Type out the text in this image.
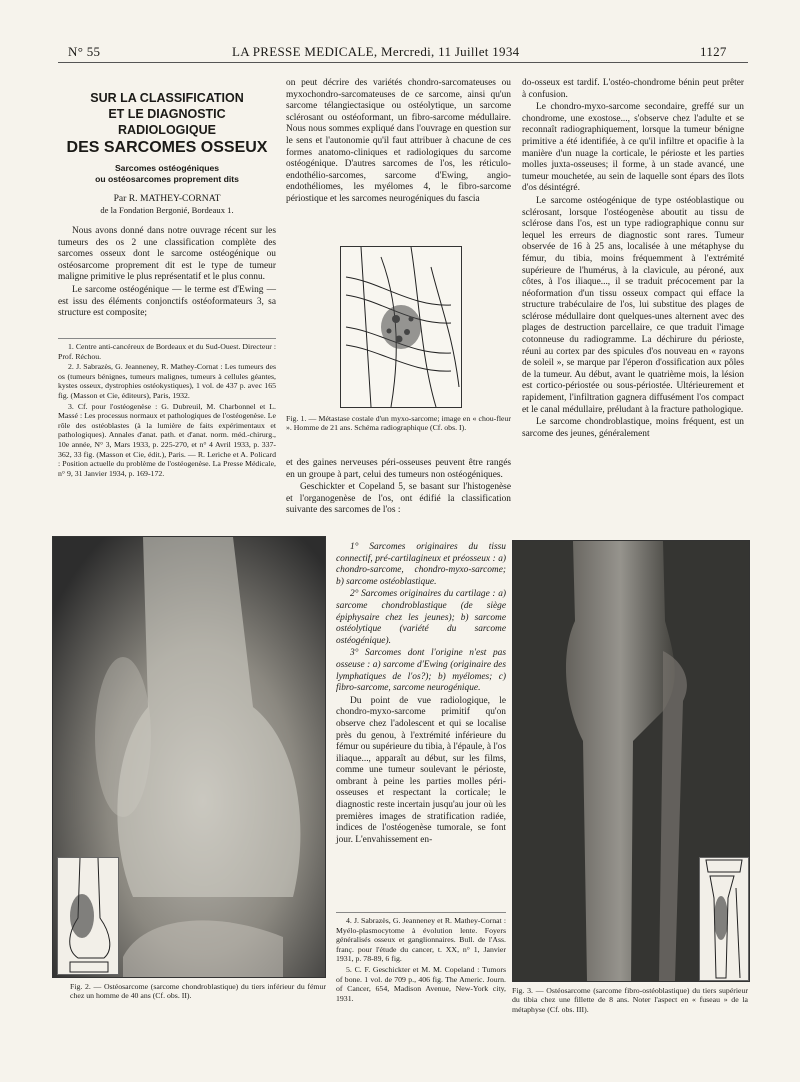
N° 55	LA PRESSE MEDICALE, Mercredi, 11 Juillet 1934	1127
SUR LA CLASSIFICATION
ET LE DIAGNOSTIC RADIOLOGIQUE
DES SARCOMES OSSEUX
Sarcomes ostéogéniques
ou ostéosarcomes proprement dits
Par R. MATHEY-CORNAT
de la Fondation Bergonié, Bordeaux 1.

Nous avons donné dans notre ouvrage récent sur les tumeurs des os 2 une classification complète des sarcomes osseux dont le sarcome ostéogénique ou ostéosarcome proprement dit est le type de tumeur maligne primitive le plus représentatif et le plus connu.

Le sarcome ostéogénique — le terme est d'Ewing — est issu des éléments conjonctifs ostéoformateurs 3, sa structure est composite;

1. Centre anti-cancéreux de Bordeaux et du Sud-Ouest. Directeur : Prof. Réchou.

2. J. Sabrazès, G. Jeanneney, R. Mathey-Cornat : Les tumeurs des os (tumeurs bénignes, tumeurs malignes, tumeurs à cellules géantes, kystes osseux, dystrophies ostéokystiques), 1 vol. de 437 p. avec 165 fig. (Masson et Cie, éditeurs), Paris, 1932.

3. Cf. pour l'ostéogenèse : G. Dubreuil, M. Charbonnel et L. Massé : Les processus normaux et pathologiques de l'ostéogenèse. Le rôle des ostéoblastes (à la lumière de faits expérimentaux et pathologiques). Annales d'anat. path. et d'anat. norm. méd.-chirurg., 10e année, N° 3, Mars 1933, p. 225-270, et n° 4 Avril 1933, p. 337-362, 33 fig. (Masson et Cie, édit.), Paris. — R. Leriche et A. Policard : Position actuelle du problème de l'ostéogenèse. La Presse Médicale, n° 9, 31 Janvier 1934, p. 169-172.

on peut décrire des variétés chondro-sarcomateuses ou myxochondro-sarcomateuses de ce sarcome, ainsi qu'un sarcome télangiectasique ou ostéolytique, un sarcome sclérosant ou ostéoformant, un fibro-sarcome médullaire. Nous nous sommes expliqué dans l'ouvrage en question sur le sens et l'autonomie qu'il faut attribuer à chacune de ces formes anatomo-cliniques et radiologiques du sarcome ostéogénique. D'autres sarcomes de l'os, les réticulo-endothélio-sarcomes, sarcome d'Ewing, angio-endothéliomes, les myélomes 4, le fibro-sarcome périostique et les sarcomes neurogéniques du fascia

Fig. 1. — Métastase costale d'un myxo-sarcome; image en « chou-fleur ». Homme de 21 ans. Schéma radiographique (Cf. obs. I).

et des gaines nerveuses péri-osseuses peuvent être rangés en un groupe à part, celui des tumeurs non ostéogéniques.

Geschickter et Copeland 5, se basant sur l'histogenèse et l'organogenèse de l'os, ont édifié la classification suivante des sarcomes de l'os :

1° Sarcomes originaires du tissu connectif, pré-cartilagineux et préosseux : a) chondro-sarcome, chondro-myxo-sarcome; b) sarcome ostéoblastique.

2° Sarcomes originaires du cartilage : a) sarcome chondroblastique (de siège épiphysaire chez les jeunes); b) sarcome ostéolytique (variété du sarcome ostéogénique).

3° Sarcomes dont l'origine n'est pas osseuse : a) sarcome d'Ewing (originaire des lymphatiques de l'os?); b) myélomes; c) fibro-sarcome, sarcome neurogénique.

Du point de vue radiologique, le chondro-myxo-sarcome primitif qu'on observe chez l'adolescent et qui se localise près du genou, à l'extrémité inférieure du fémur ou supérieure du tibia, à l'épaule, à l'os iliaque..., apparaît au début, sur les films, comme une tumeur soulevant le périoste, ombrant à peine les parties molles péri-osseuses et respectant la corticale; le diagnostic reste incertain jusqu'au jour où les premières images de stratification radiée, indices de l'ostéogenèse tumorale, se font jour. L'envahissement en-

4. J. Sabrazès, G. Jeanneney et R. Mathey-Cornat : Myélo-plasmocytome à évolution lente. Foyers généralisés osseux et ganglionnaires. Bull. de l'Ass. franç. pour l'étude du cancer, t. XX, n° 1, Janvier 1931, p. 78-89, 6 fig.

5. C. F. Geschickter et M. M. Copeland : Tumors of bone. 1 vol. de 709 p., 406 fig. The Americ. Journ. of Cancer, 654, Madison Avenue, New-York city, 1931.

do-osseux est tardif. L'ostéo-chondrome bénin peut prêter à confusion.

Le chondro-myxo-sarcome secondaire, greffé sur un chondrome, une exostose..., s'observe chez l'adulte et se reconnaît radiographiquement, lorsque la tumeur bénigne primitive a été identifiée, à ce qu'il infiltre et opacifie à la manière d'un nuage la corticale, le périoste et les parties molles juxta-osseuses; il forme, à un stade avancé, une tumeur mouchetée, au sein de laquelle sont épars des îlots d'os désintégré.

Le sarcome ostéogénique de type ostéoblastique ou sclérosant, lorsque l'ostéogenèse aboutit au tissu de sclérose dans l'os, est un type radiographique connu sur lequel les erreurs de diagnostic sont rares. Tumeur observée de 16 à 25 ans, localisée à une métaphyse du fémur, du tibia, moins fréquemment à l'extrémité supérieure de l'humérus, à la clavicule, au péroné, aux côtes, à l'os iliaque..., il se traduit précocement par la néoformation d'un tissu osseux compact qui efface la structure trabéculaire de l'os, lui substitue des plages de sclérose médullaire dont quelques-unes alternent avec des plages de destruction parcellaire, ce que traduit l'image cotonneuse du radiogramme. La déchirure du périoste, réuni au cortex par des spicules d'os nouveau en « rayons de soleil », se marque par l'éperon d'ossification aux pôles de la tumeur. Au début, avant le quatrième mois, la lésion est cortico-périostée ou sous-périostée. Ultérieurement et rapidement, l'infiltration gagnera diffusément l'os compact et le canal médullaire, préludant à la fracture pathologique.

Le sarcome chondroblastique, moins fréquent, est un sarcome des jeunes, généralement

Fig. 2. — Ostéosarcome (sarcome chondroblastique) du tiers inférieur du fémur chez un homme de 40 ans (Cf. obs. II).
Fig. 3. — Ostéosarcome (sarcome fibro-ostéoblastique) du tiers supérieur du tibia chez une fillette de 8 ans. Noter l'aspect en « fuseau » de la métaphyse (Cf. obs. III).
